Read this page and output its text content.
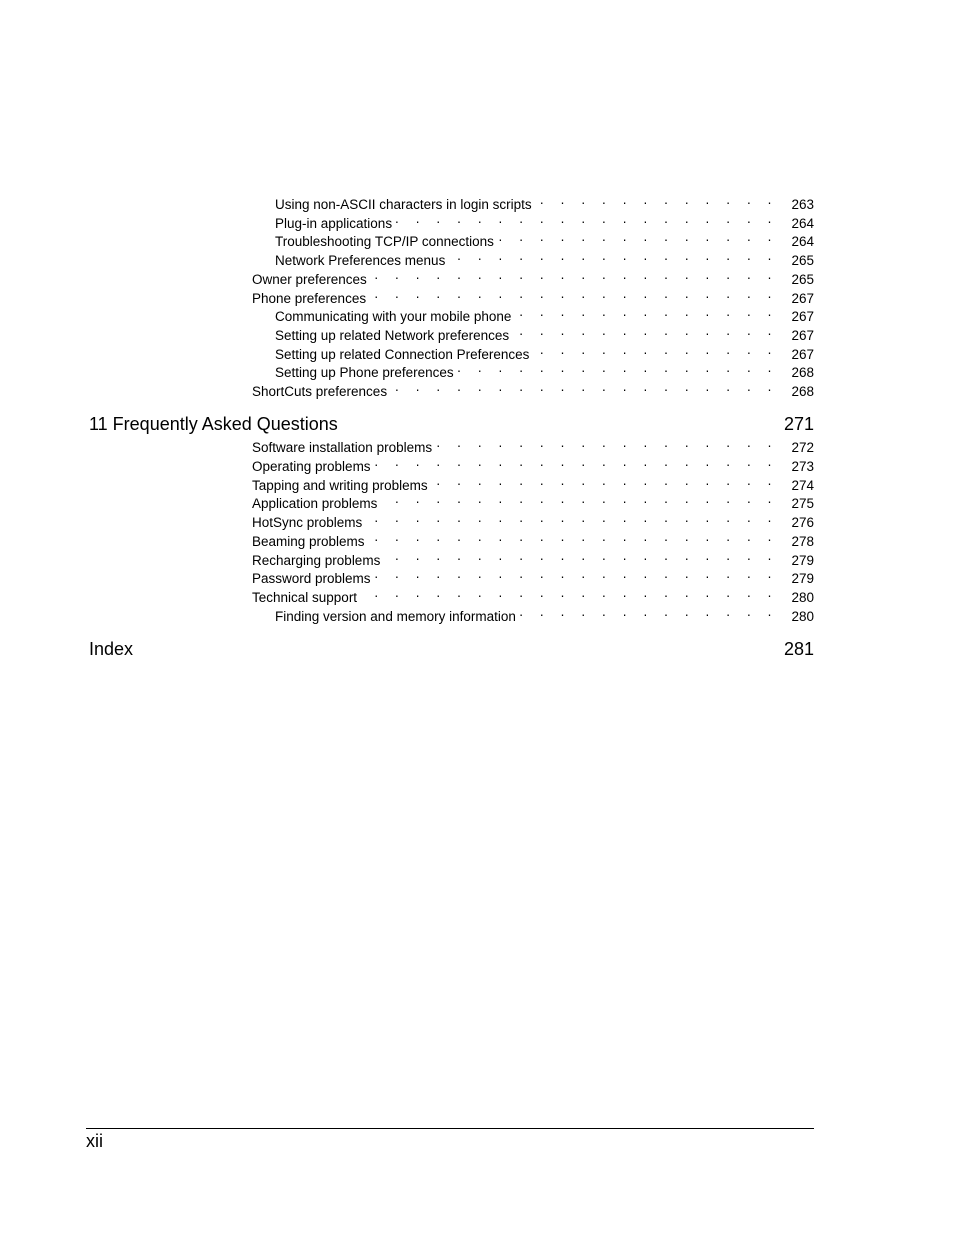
Using non-ASCII characters in login scripts . . .	263
Plug-in applications . . .	264
Troubleshooting TCP/IP connections . . .	264
Network Preferences menus . . .	265
Owner preferences . . .	265
Phone preferences . . .	267
Communicating with your mobile phone . . .	267
Setting up related Network preferences . . .	267
Setting up related Connection Preferences . . .	267
Setting up Phone preferences . . .	268
ShortCuts preferences . . .	268
11 Frequently Asked Questions	271
Software installation problems . . .	272
Operating problems . . .	273
Tapping and writing problems . . .	274
Application problems . . .	275
HotSync problems . . .	276
Beaming problems . . .	278
Recharging problems . . .	279
Password problems . . .	279
Technical support . . .	280
Finding version and memory information . . .	280
Index	281
xii
